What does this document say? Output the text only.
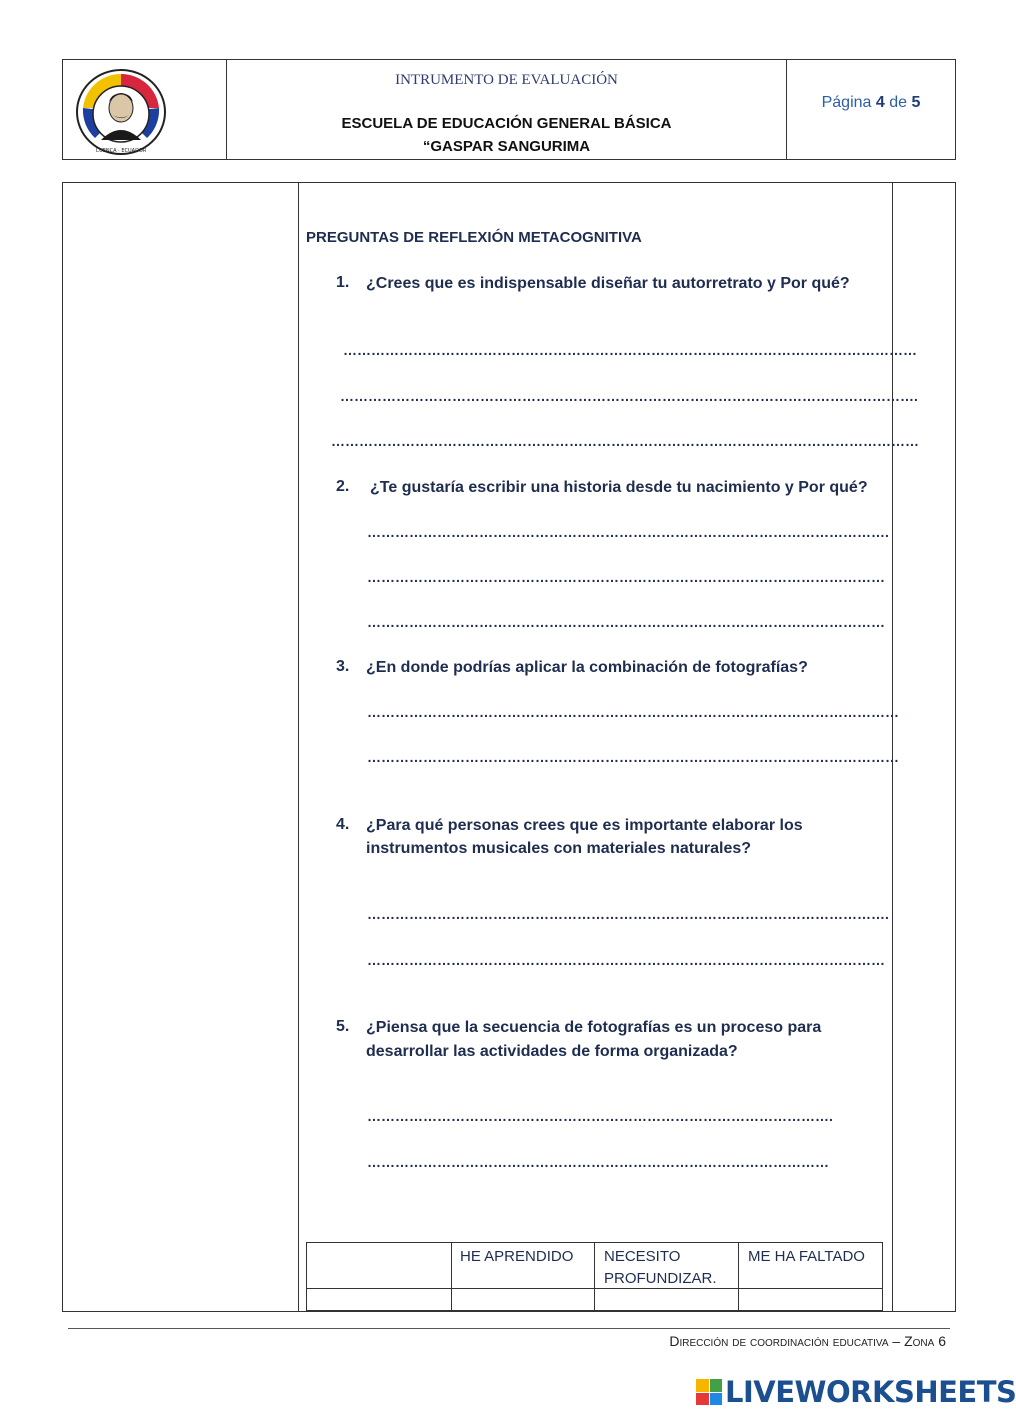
CUENCA · ECUADOR
INTRUMENTO DE EVALUACIÓN
ESCUELA DE EDUCACIÓN GENERAL BÁSICA
“GASPAR SANGURIMA
Página 4 de 5
PREGUNTAS DE REFLEXIÓN METACOGNITIVA
1. ¿Crees que es indispensable diseñar tu autorretrato y Por qué?
……………………………………………………………………………………………………………
…………………………………………………………………………………………………………….
………………………………………………………………………………………………………………
2. ¿Te gustaría escribir una historia desde tu nacimiento y Por qué?
………………………………………………………………………………………………….
…………………………………………………………………………………………………
…………………………………………………………………………………………………
3. ¿En donde podrías aplicar la combinación de fotografías?
……………………………………………………………………………………………………
……………………………………………………………………………………………………
4. ¿Para qué personas crees que es importante elaborar los
instrumentos musicales con materiales naturales?
………………………………………………………………………………………………….
…………………………………………………………………………………………………
5. ¿Piensa que la secuencia de fotografías es un proceso para
desarrollar las actividades de forma organizada?
……………………………………………………………………………………….
………………………………………………………………………………………
HE APRENDIDO NECESITO
PROFUNDIZAR.
ME HA FALTADO
Dirección de coordinación educativa – Zona 6
LIVEWORKSHEETS
